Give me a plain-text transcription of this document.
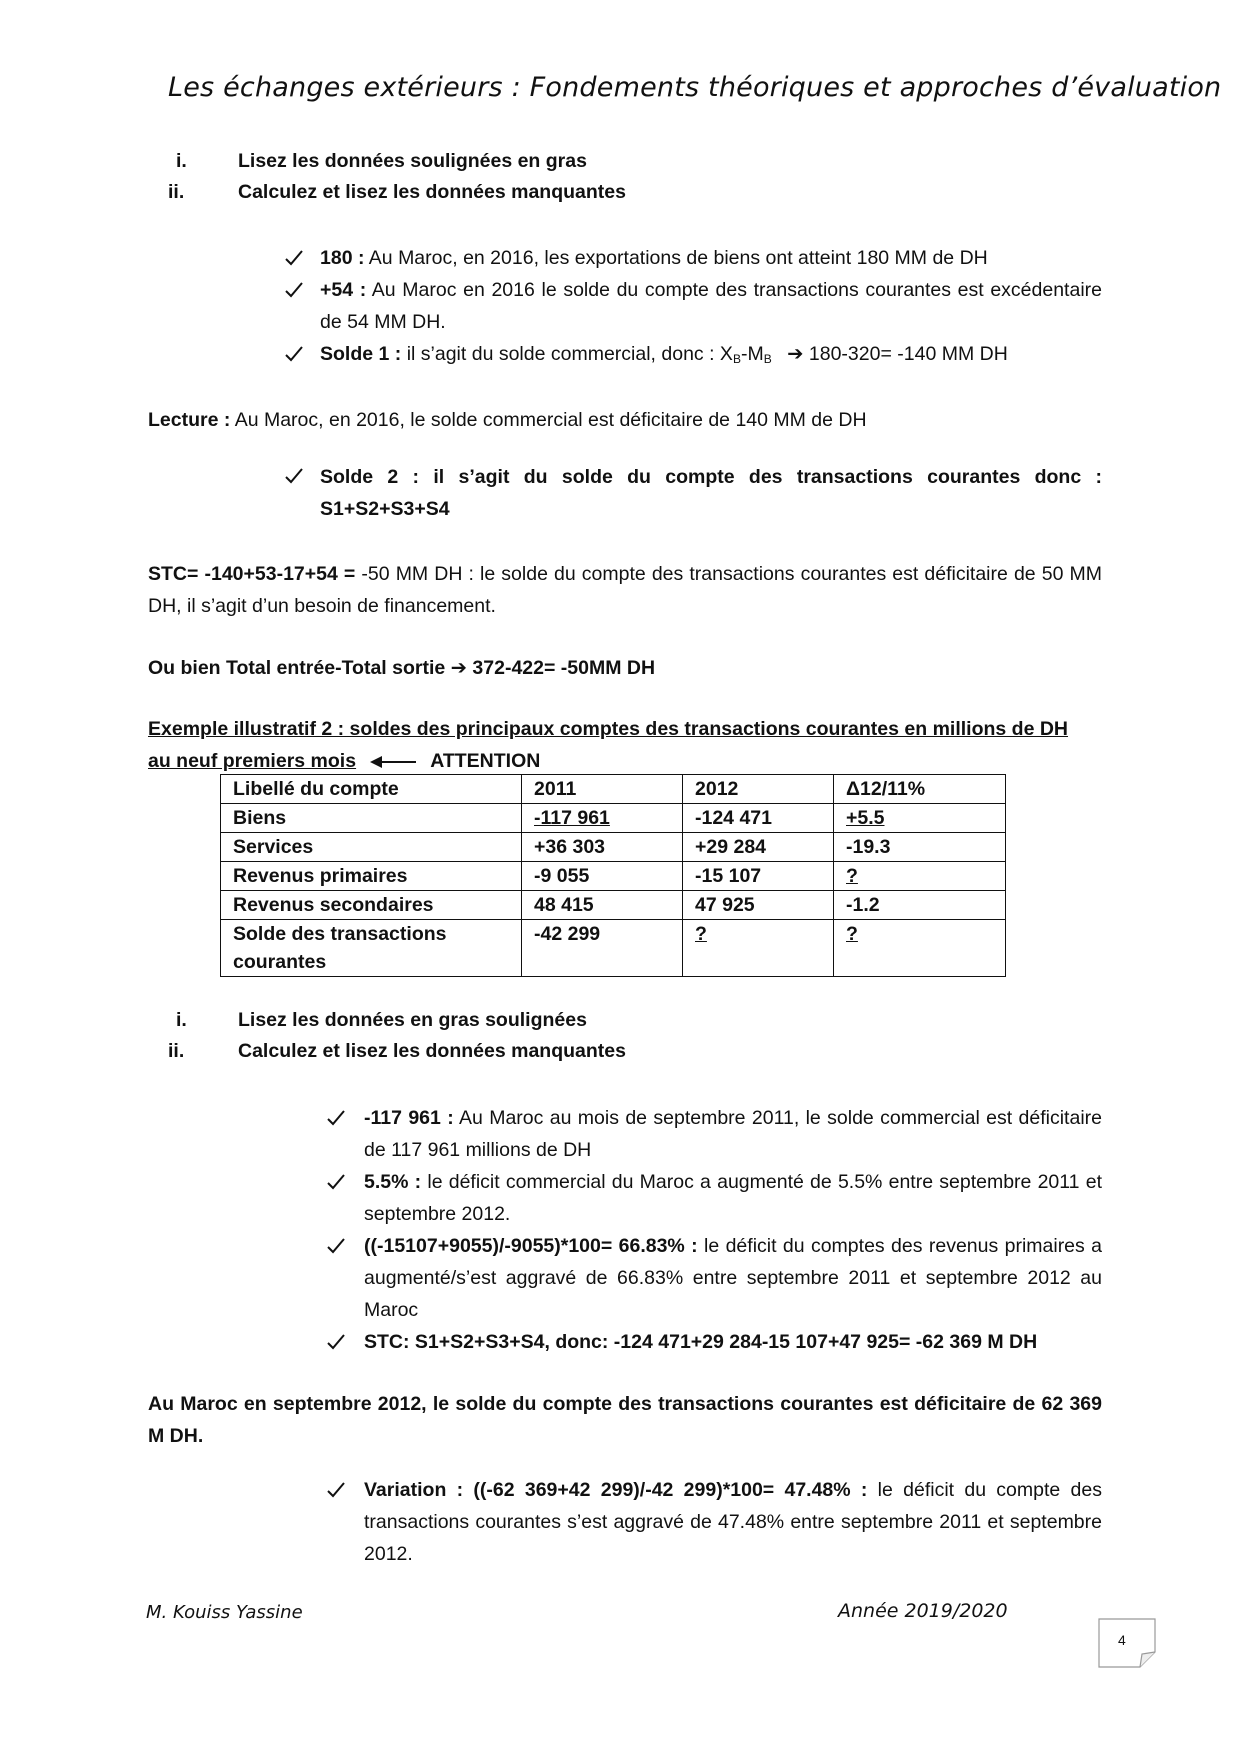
Les échanges extérieurs : Fondements théoriques et approches d’évaluation
i.	Lisez les données soulignées en gras
ii.	Calculez et lisez les données manquantes
180 : Au Maroc, en 2016, les exportations de biens ont atteint 180 MM de DH
+54 : Au Maroc en 2016 le solde du compte des transactions courantes est excédentaire de 54 MM DH.
Solde 1 : il s’agit du solde commercial, donc : $X_B-M_B$ ➔ 180-320= -140 MM DH
Lecture : Au Maroc, en 2016, le solde commercial est déficitaire de 140 MM de DH
Solde 2 : il s’agit du solde du compte des transactions courantes donc : S1+S2+S3+S4
STC= -140+53-17+54 = -50 MM DH : le solde du compte des transactions courantes est déficitaire de 50 MM DH, il s’agit d’un besoin de financement.
Ou bien Total entrée-Total sortie ➔ 372-422= -50MM DH
Exemple illustratif 2 : soldes des principaux comptes des transactions courantes en millions de DH
au neuf premiers mois	ATTENTION
Libellé du compte	2011	2012	Δ12/11%
Biens	-117 961	-124 471	+5.5
Services	+36 303	+29 284	-19.3
Revenus primaires	-9 055	-15 107	?
Revenus secondaires	48 415	47 925	-1.2
Solde des transactions courantes	-42 299	?	?
i.	Lisez les données en gras soulignées
ii.	Calculez et lisez les données manquantes
-117 961 : Au Maroc au mois de septembre 2011, le solde commercial est déficitaire de 117 961 millions de DH
5.5% : le déficit commercial du Maroc a augmenté de 5.5% entre septembre 2011 et septembre 2012.
((-15107+9055)/-9055)*100= 66.83% : le déficit du comptes des revenus primaires a augmenté/s’est aggravé de 66.83% entre septembre 2011 et septembre 2012 au Maroc
STC: S1+S2+S3+S4, donc: -124 471+29 284-15 107+47 925= -62 369 M DH
Au Maroc en septembre 2012, le solde du compte des transactions courantes est déficitaire de 62 369 M DH.
Variation : ((-62 369+42 299)/-42 299)*100= 47.48% : le déficit du compte des transactions courantes s’est aggravé de 47.48% entre septembre 2011 et septembre 2012.
M. Kouiss Yassine	Année 2019/2020
4
